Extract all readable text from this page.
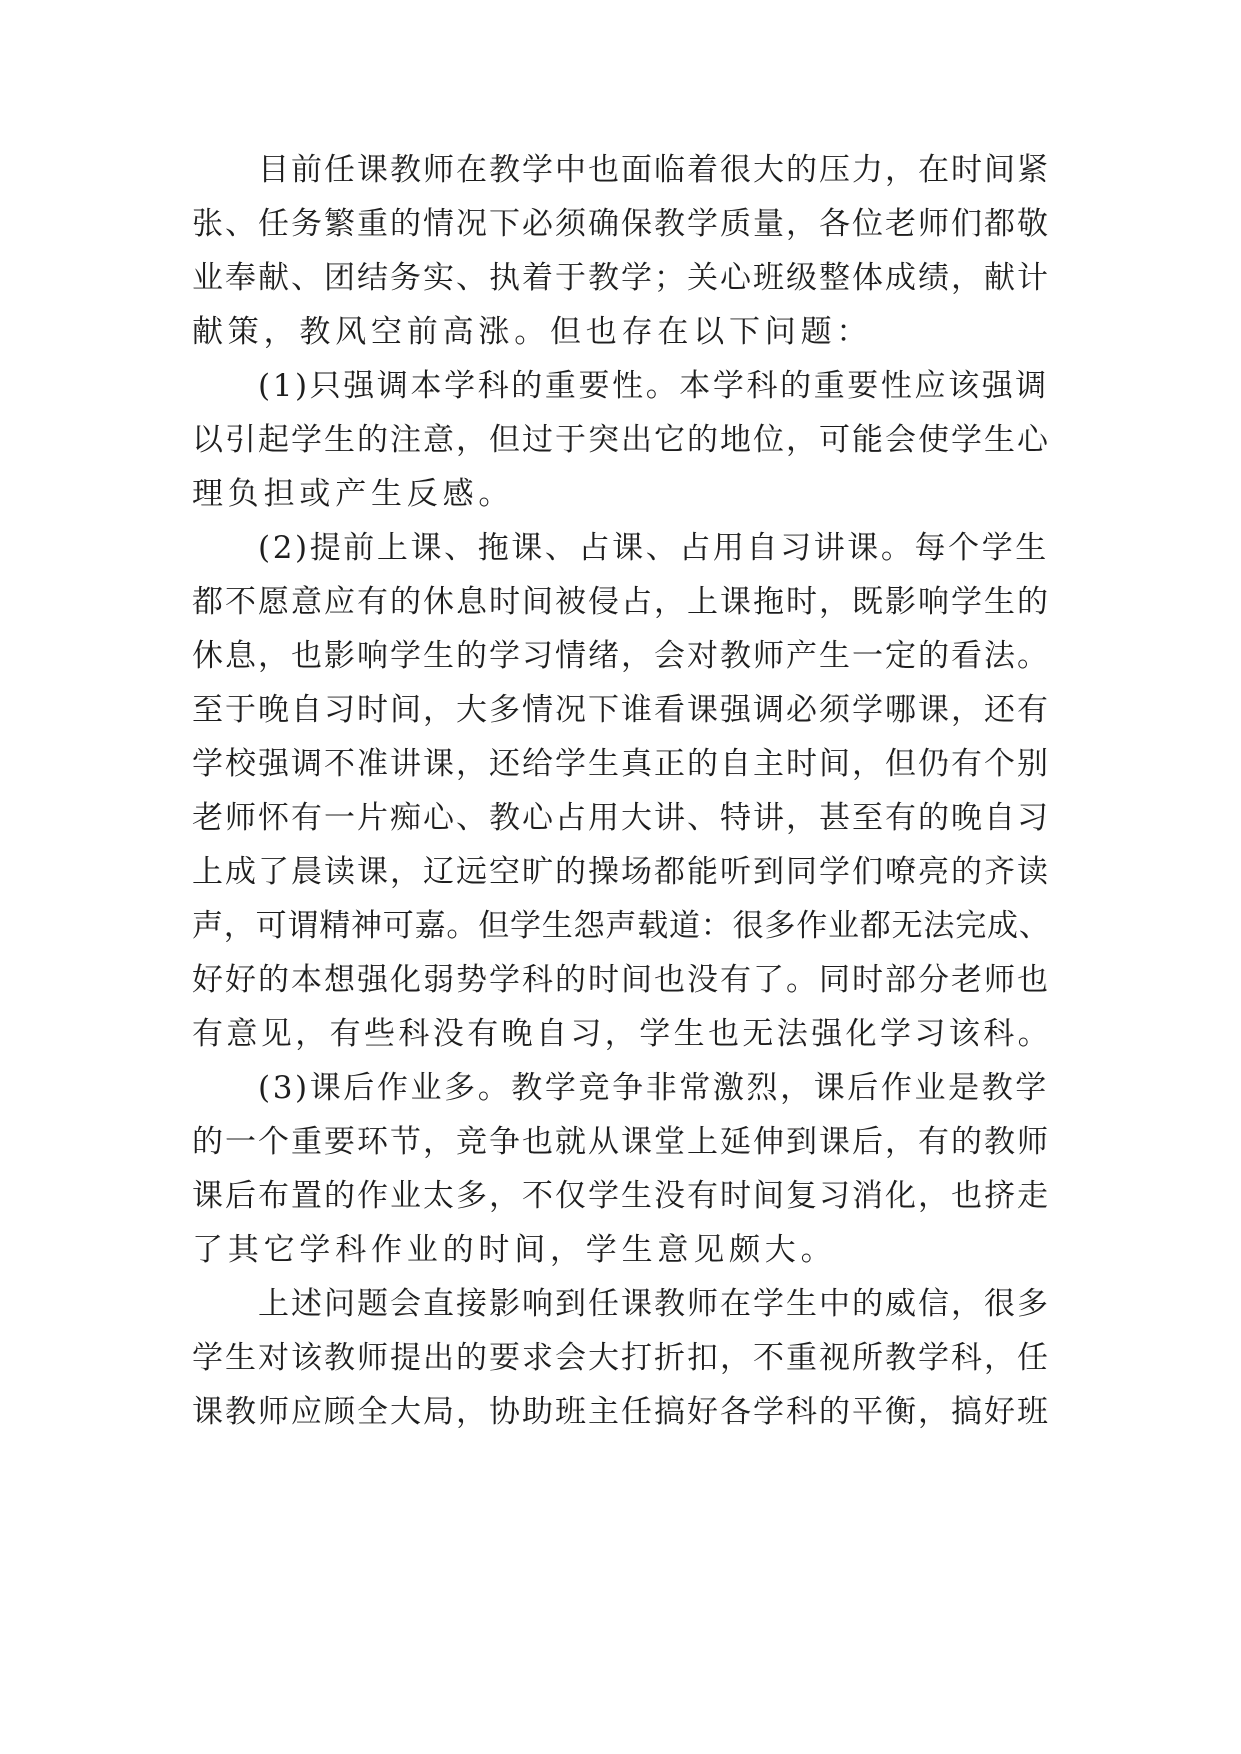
目前任课教师在教学中也面临着很大的压力，在时间紧
张、任务繁重的情况下必须确保教学质量，各位老师们都敬
业奉献、团结务实、执着于教学；关心班级整体成绩，献计
献策，教风空前高涨。但也存在以下问题：
(1)只强调本学科的重要性。本学科的重要性应该强调
以引起学生的注意，但过于突出它的地位，可能会使学生心
理负担或产生反感。
(2)提前上课、拖课、占课、占用自习讲课。每个学生
都不愿意应有的休息时间被侵占，上课拖时，既影响学生的
休息，也影响学生的学习情绪，会对教师产生一定的看法。
至于晚自习时间，大多情况下谁看课强调必须学哪课，还有
学校强调不准讲课，还给学生真正的自主时间，但仍有个别
老师怀有一片痴心、教心占用大讲、特讲，甚至有的晚自习
上成了晨读课，辽远空旷的操场都能听到同学们嘹亮的齐读
声，可谓精神可嘉。但学生怨声载道：很多作业都无法完成、
好好的本想强化弱势学科的时间也没有了。同时部分老师也
有意见，有些科没有晚自习，学生也无法强化学习该科。
(3)课后作业多。教学竞争非常激烈，课后作业是教学
的一个重要环节，竞争也就从课堂上延伸到课后，有的教师
课后布置的作业太多，不仅学生没有时间复习消化，也挤走
了其它学科作业的时间，学生意见颇大。
上述问题会直接影响到任课教师在学生中的威信，很多
学生对该教师提出的要求会大打折扣，不重视所教学科，任
课教师应顾全大局，协助班主任搞好各学科的平衡，搞好班
